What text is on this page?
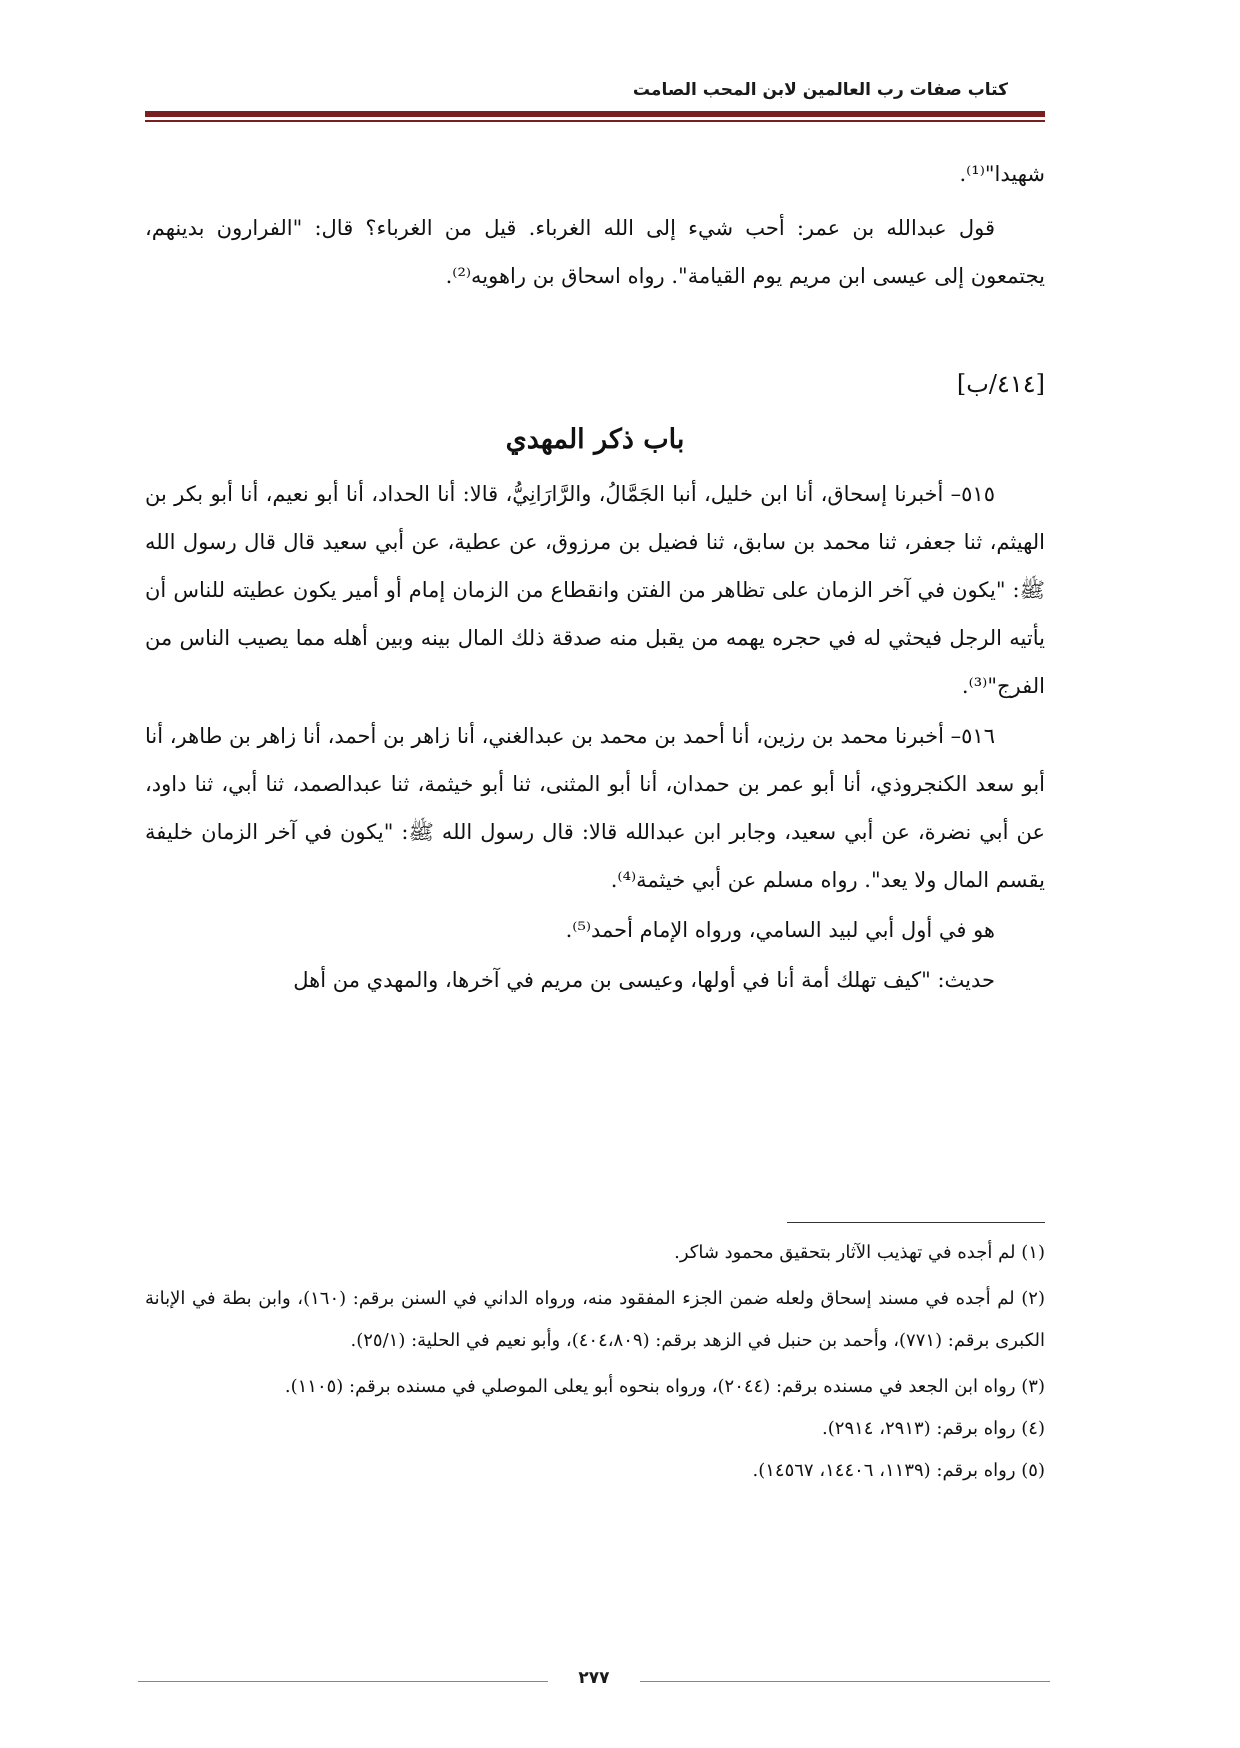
كتاب صفات رب العالمين لابن المحب الصامت

شهيدا"⁽¹⁾.

قول عبدالله بن عمر: أحب شيء إلى الله الغرباء. قيل من الغرباء؟ قال: "الفرارون بدينهم، يجتمعون إلى عيسى ابن مريم يوم القيامة". رواه اسحاق بن راهويه⁽²⁾.

[٤١٤/ب]

باب ذكر المهدي

٥١٥– أخبرنا إسحاق، أنا ابن خليل، أنبا الجَمَّالُ، والرَّارَانِيُّ، قالا: أنا الحداد، أنا أبو نعيم، أنا أبو بكر بن الهيثم، ثنا جعفر، ثنا محمد بن سابق، ثنا فضيل بن مرزوق، عن عطية، عن أبي سعيد قال قال رسول الله ﷺ: "يكون في آخر الزمان على تظاهر من الفتن وانقطاع من الزمان إمام أو أمير يكون عطيته للناس أن يأتيه الرجل فيحثي له في حجره يهمه من يقبل منه صدقة ذلك المال بينه وبين أهله مما يصيب الناس من الفرج"⁽³⁾.

٥١٦– أخبرنا محمد بن رزين، أنا أحمد بن محمد بن عبدالغني، أنا زاهر بن أحمد، أنا زاهر بن طاهر، أنا أبو سعد الكنجروذي، أنا أبو عمر بن حمدان، أنا أبو المثنى، ثنا أبو خيثمة، ثنا عبدالصمد، ثنا أبي، ثنا داود، عن أبي نضرة، عن أبي سعيد، وجابر ابن عبدالله قالا: قال رسول الله ﷺ: "يكون في آخر الزمان خليفة يقسم المال ولا يعد". رواه مسلم عن أبي خيثمة⁽⁴⁾.

هو في أول أبي لبيد السامي، ورواه الإمام أحمد⁽⁵⁾.

حديث: "كيف تهلك أمة أنا في أولها، وعيسى بن مريم في آخرها، والمهدي من أهل

(١) لم أجده في تهذيب الآثار بتحقيق محمود شاكر.

(٢) لم أجده في مسند إسحاق ولعله ضمن الجزء المفقود منه، ورواه الداني في السنن برقم: (١٦٠)، وابن بطة في الإبانة الكبرى برقم: (٧٧١)، وأحمد بن حنبل في الزهد برقم: (٤٠٤،٨٠٩)، وأبو نعيم في الحلية: (٢٥/١).

(٣) رواه ابن الجعد في مسنده برقم: (٢٠٤٤)، ورواه بنحوه أبو يعلى الموصلي في مسنده برقم: (١١٠٥).

(٤) رواه برقم: (٢٩١٣، ٢٩١٤).

(٥) رواه برقم: (١١٣٩، ١٤٤٠٦، ١٤٥٦٧).

٢٧٧
